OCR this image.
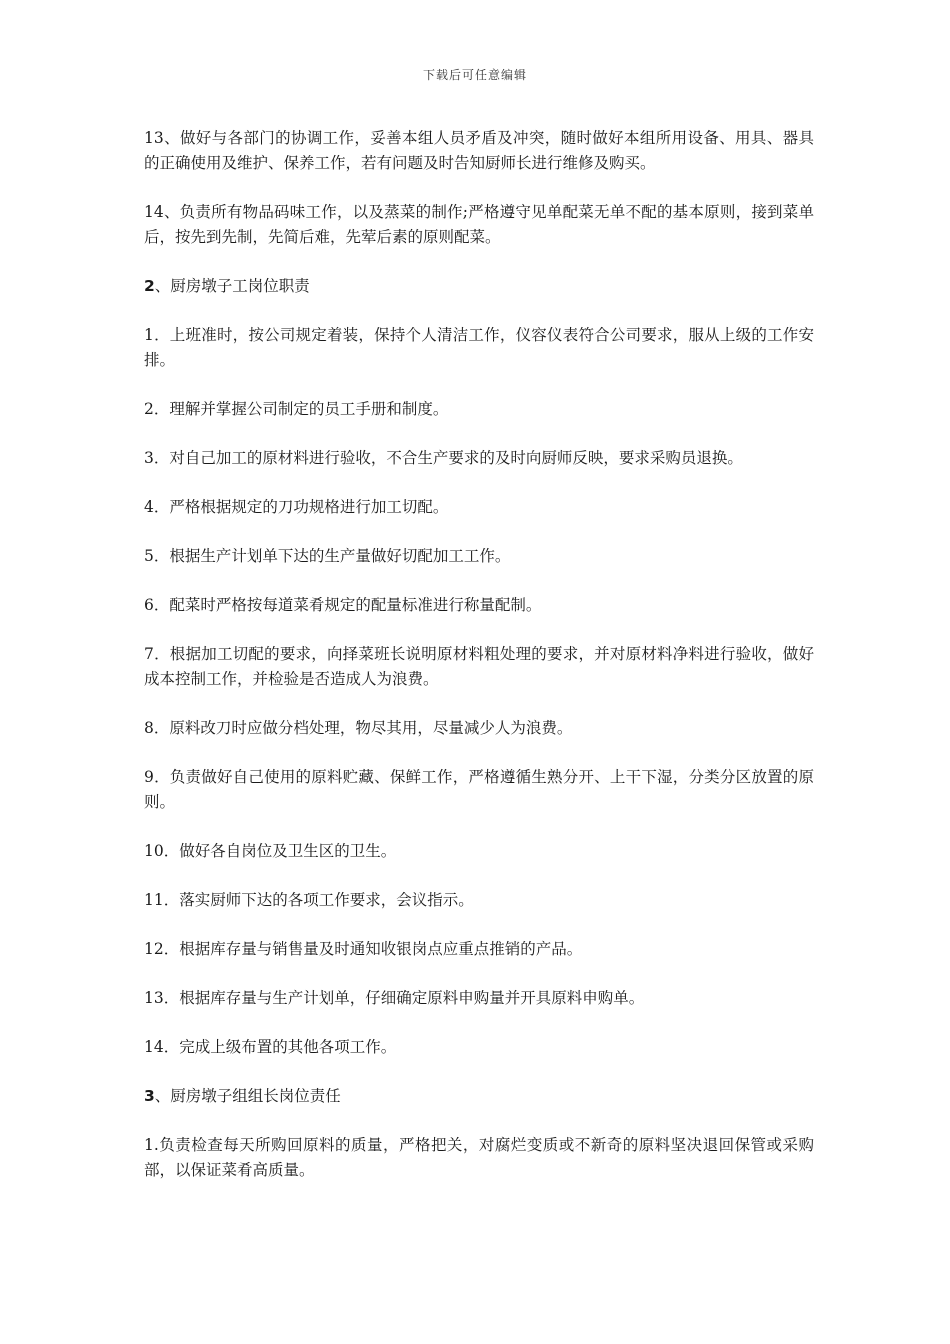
下载后可任意编辑

13、做好与各部门的协调工作，妥善本组人员矛盾及冲突，随时做好本组所用设备、用具、器具的正确使用及维护、保养工作，若有问题及时告知厨师长进行维修及购买。

14、负责所有物品码味工作，以及蒸菜的制作;严格遵守见单配菜无单不配的基本原则，接到菜单后，按先到先制，先简后难，先荤后素的原则配菜。

2、厨房墩子工岗位职责

1．上班准时，按公司规定着装，保持个人清洁工作，仪容仪表符合公司要求，服从上级的工作安排。

2．理解并掌握公司制定的员工手册和制度。

3．对自己加工的原材料进行验收，不合生产要求的及时向厨师反映，要求采购员退换。

4．严格根据规定的刀功规格进行加工切配。

5．根据生产计划单下达的生产量做好切配加工工作。

6．配菜时严格按每道菜肴规定的配量标准进行称量配制。

7．根据加工切配的要求，向择菜班长说明原材料粗处理的要求，并对原材料净料进行验收，做好成本控制工作，并检验是否造成人为浪费。

8．原料改刀时应做分档处理，物尽其用，尽量减少人为浪费。

9．负责做好自己使用的原料贮藏、保鲜工作，严格遵循生熟分开、上干下湿，分类分区放置的原则。

10．做好各自岗位及卫生区的卫生。

11．落实厨师下达的各项工作要求，会议指示。

12．根据库存量与销售量及时通知收银岗点应重点推销的产品。

13．根据库存量与生产计划单，仔细确定原料申购量并开具原料申购单。

14．完成上级布置的其他各项工作。

3、厨房墩子组组长岗位责任

1.负责检查每天所购回原料的质量，严格把关，对腐烂变质或不新奇的原料坚决退回保管或采购部，以保证菜肴高质量。
